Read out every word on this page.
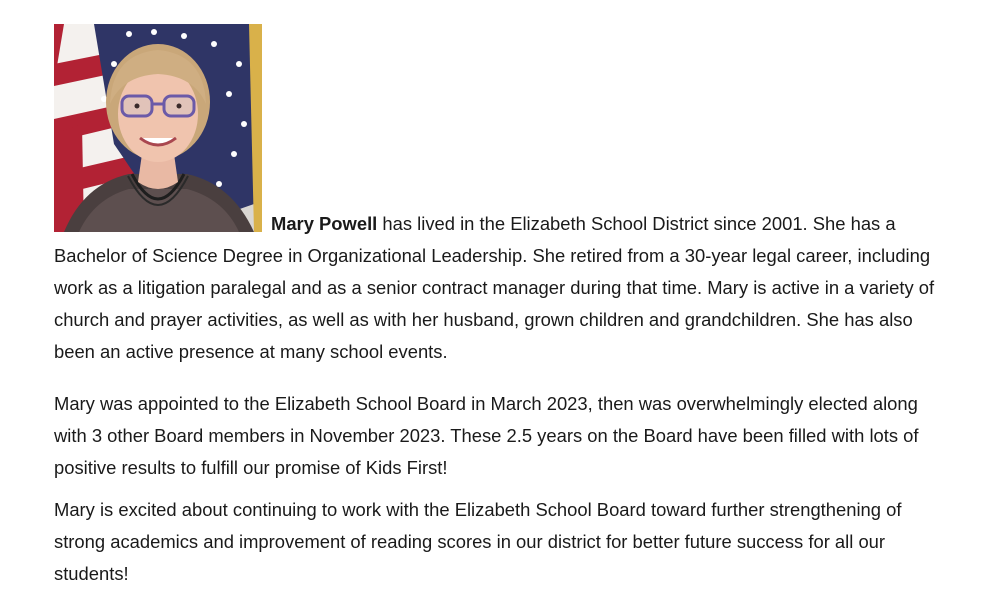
Mary Powell has lived in the Elizabeth School District since 2001. She has a Bachelor of Science Degree in Organizational Leadership. She retired from a 30-year legal career, including work as a litigation paralegal and as a senior contract manager during that time. Mary is active in a variety of church and prayer activities, as well as with her husband, grown children and grandchildren. She has also been an active presence at many school events.

Mary was appointed to the Elizabeth School Board in March 2023, then was overwhelmingly elected along with 3 other Board members in November 2023. These 2.5 years on the Board have been filled with lots of positive results to fulfill our promise of Kids First!

Mary is excited about continuing to work with the Elizabeth School Board toward further strengthening of strong academics and improvement of reading scores in our district for better future success for all our students!
